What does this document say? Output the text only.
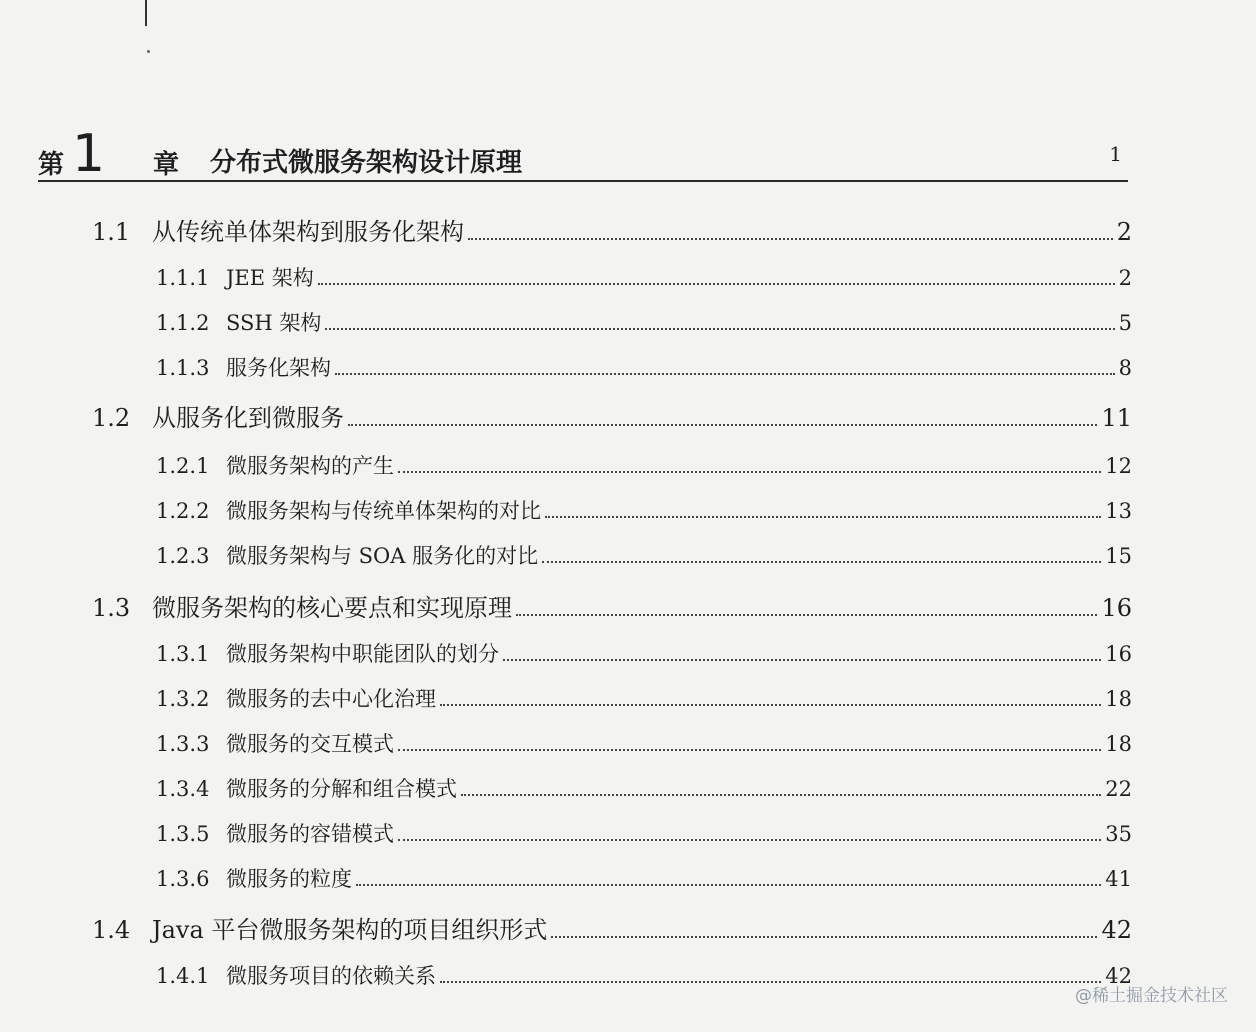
第 1 章 分布式微服务架构设计原理	1
1.1 从传统单体架构到服务化架构	2
1.1.1 JEE 架构	2
1.1.2 SSH 架构	5
1.1.3 服务化架构	8
1.2 从服务化到微服务	11
1.2.1 微服务架构的产生	12
1.2.2 微服务架构与传统单体架构的对比	13
1.2.3 微服务架构与 SOA 服务化的对比	15
1.3 微服务架构的核心要点和实现原理	16
1.3.1 微服务架构中职能团队的划分	16
1.3.2 微服务的去中心化治理	18
1.3.3 微服务的交互模式	18
1.3.4 微服务的分解和组合模式	22
1.3.5 微服务的容错模式	35
1.3.6 微服务的粒度	41
1.4 Java 平台微服务架构的项目组织形式	42
1.4.1 微服务项目的依赖关系	42
@稀土掘金技术社区
